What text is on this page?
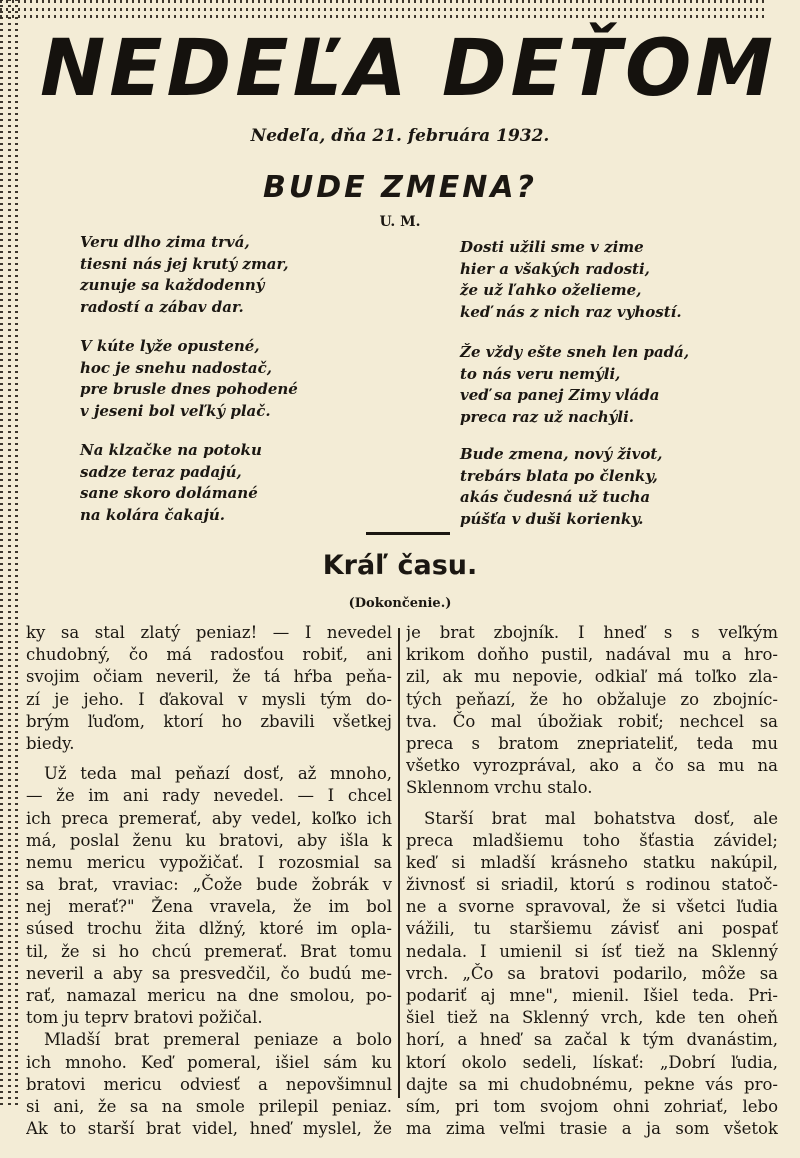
NEDEĽA DEŤOM
Nedeľa, dňa 21. februára 1932.
BUDE ZMENA?
U. M.
Veru dlho zima trvá,
tiesni nás jej krutý zmar,
zunuje sa každodenný
radostí a zábav dar.
V kúte lyže opustené,
hoc je snehu nadostač,
pre brusle dnes pohodené
v jeseni bol veľký plač.
Na klzačke na potoku
sadze teraz padajú,
sane skoro dolámané
na kolára čakajú.
Dosti užili sme v zime
hier a všakých radosti,
že už ľahko oželieme,
keď nás z nich raz vyhostí.
Že vždy ešte sneh len padá,
to nás veru nemýli,
veď sa panej Zimy vláda
preca raz už nachýli.
Bude zmena, nový život,
trebárs blata po členky,
akás čudesná už tucha
púšťa v duši korienky.
Kráľ času.
(Dokončenie.)
ky sa stal zlatý peniaz! — I nevedel
chudobný, čo má radosťou robiť, ani
svojim očiam neveril, že tá hŕba peňa-
zí je jeho. I ďakoval v mysli tým do-
brým ľuďom, ktorí ho zbavili všetkej
biedy.
Už teda mal peňazí dosť, až mnoho,
— že im ani rady nevedel. — I chcel
ich preca premerať, aby vedel, koľko ich
má, poslal ženu ku bratovi, aby išla k
nemu mericu vypožičať. I rozosmial sa
sa brat, vraviac: „Čože bude žobrák v
nej merať?" Žena vravela, že im bol
súsed trochu žita dlžný, ktoré im opla-
til, že si ho chcú premerať. Brat tomu
neveril a aby sa presvedčil, čo budú me-
rať, namazal mericu na dne smolou, po-
tom ju teprv bratovi požičal.
Mladší brat premeral peniaze a bolo
ich mnoho. Keď pomeral, išiel sám ku
bratovi mericu odviesť a nepovšimnul
si ani, že sa na smole prilepil peniaz.
Ak to starší brat videl, hneď myslel, že
je brat zbojník. I hneď s s veľkým
krikom doňho pustil, nadával mu a hro-
zil, ak mu nepovie, odkiaľ má toľko zla-
tých peňazí, že ho obžaluje zo zbojníc-
tva. Čo mal úbožiak robiť; nechcel sa
preca s bratom znepriateliť, teda mu
všetko vyrozprával, ako a čo sa mu na
Sklennom vrchu stalo.
Starší brat mal bohatstva dosť, ale
preca mladšiemu toho šťastia závidel;
keď si mladší krásneho statku nakúpil,
živnosť si sriadil, ktorú s rodinou statoč-
ne a svorne spravoval, že si všetci ľudia
vážili, tu staršiemu závisť ani pospať
nedala. I umienil si ísť tiež na Sklenný
vrch. „Čo sa bratovi podarilo, môže sa
podariť aj mne", mienil. Išiel teda. Pri-
šiel tiež na Sklenný vrch, kde ten oheň
horí, a hneď sa začal k tým dvanástim,
ktorí okolo sedeli, lískať: „Dobrí ľudia,
dajte sa mi chudobnému, pekne vás pro-
sím, pri tom svojom ohni zohriať, lebo
ma zima veľmi trasie a ja som všetok
